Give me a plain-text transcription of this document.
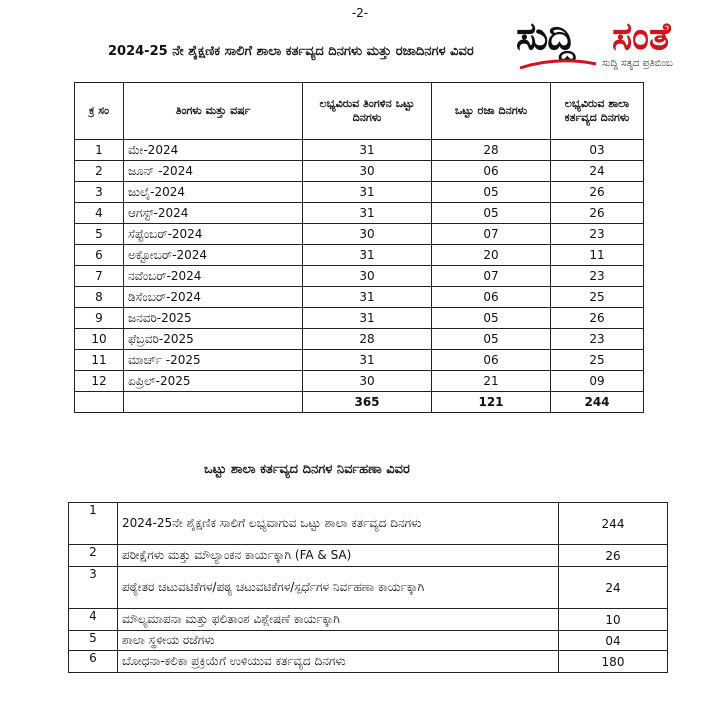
-2-
2024-25 ನೇ ಶೈಕ್ಷಣಿಕ ಸಾಲಿಗೆ ಶಾಲಾ ಕರ್ತವ್ಯದ ದಿನಗಳು ಮತ್ತು ರಜಾದಿನಗಳ ವಿವರ ಸುದ್ದಿ ಸಂತೆ
ಸುದ್ದಿ ಸತ್ಯದ ಪ್ರತಿಬಿಂಬ
ಕ್ರ ಸಂ	ತಿಂಗಳು ಮತ್ತು ವರ್ಷ	ಲಭ್ಯವಿರುವ ತಿಂಗಳಿನ ಒಟ್ಟು ದಿನಗಳು	ಒಟ್ಟು ರಜಾ ದಿನಗಳು	ಲಭ್ಯವಿರುವ ಶಾಲಾ ಕರ್ತವ್ಯದ ದಿನಗಳು
1	ಮೇ-2024	31	28	03
2	ಜೂನ್ -2024	30	06	24
3	ಜುಲೈ-2024	31	05	26
4	ಆಗಸ್ಟ್-2024	31	05	26
5	ಸೆಪ್ಟೆಂಬರ್-2024	30	07	23
6	ಅಕ್ಟೋಬರ್-2024	31	20	11
7	ನವೆಂಬರ್-2024	30	07	23
8	ಡಿಸೆಂಬರ್-2024	31	06	25
9	ಜನವರಿ-2025	31	05	26
10	ಫೆಬ್ರವರಿ-2025	28	05	23
11	ಮಾರ್ಚ್ -2025	31	06	25
12	ಏಪ್ರಿಲ್-2025	30	21	09
		365	121	244
ಒಟ್ಟು ಶಾಲಾ ಕರ್ತವ್ಯದ ದಿನಗಳ ನಿರ್ವಹಣಾ ವಿವರ
1	2024-25ನೇ ಶೈಕ್ಷಣಿಕ ಸಾಲಿಗೆ ಲಭ್ಯವಾಗುವ ಒಟ್ಟು ಶಾಲಾ ಕರ್ತವ್ಯದ ದಿನಗಳು	244
2	ಪರೀಕ್ಷೆಗಳು ಮತ್ತು ಮೌಲ್ಯಾಂಕನ ಕಾರ್ಯಕ್ಕಾಗಿ (FA & SA)	26
3	ಪಠ್ಯೇತರ ಚಟುವಟಿಕೆಗಳ/ಪಠ್ಯ ಚಟುವಟಿಕೆಗಳ/ಸ್ಪರ್ಧೆಗಳ ನಿರ್ವಹಣಾ ಕಾರ್ಯಕ್ಕಾಗಿ	24
4	ಮೌಲ್ಯಮಾಪನಾ ಮತ್ತು ಫಲಿತಾಂಶ ವಿಶ್ಲೇಷಣೆ ಕಾರ್ಯಕ್ಕಾಗಿ	10
5	ಶಾಲಾ ಸ್ಥಳೀಯ ರಜೆಗಳು	04
6	ಬೋಧನಾ-ಕಲಿಕಾ ಪ್ರಕ್ರಿಯೆಗೆ ಉಳಿಯುವ ಕರ್ತವ್ಯದ ದಿನಗಳು	180
